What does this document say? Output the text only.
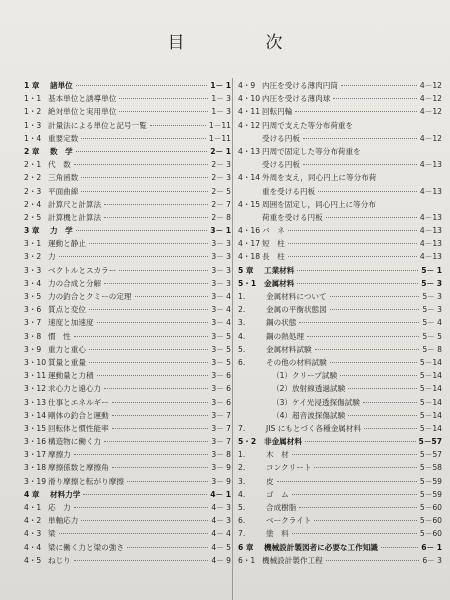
目　次
1 章	諸単位	1－ 1
1・1 基本単位と誘導単位	1－ 3
1・2 絶対単位と実用単位	1－ 3
1・3 計量法による単位と記号一覧	1－11
1・4 重要定数	1－11
2 章	数　学	2－ 1
2・1 代　数	2－ 3
2・2 三角函数	2－ 3
2・3 平面曲線	2－ 5
2・4 計算尺と計算法	2－ 7
2・5 計算機と計算法	2－ 8
3 章	力　学	3－ 1
3・1 運動と静止	3－ 3
3・2 力	3－ 3
3・3 ベクトルとスカラー	3－ 3
3・4 力の合成と分解	3－ 3
3・5 力の釣合とクミーの定理	3－ 4
3・6 質点と変位	3－ 4
3・7 速度と加速度	3－ 4
3・8 慣　性	3－ 5
3・9 重力と重心	3－ 5
3・10 質量と重量	3－ 5
3・11 運動量と力積	3－ 6
3・12 求心力と遠心力	3－ 6
3・13 仕事とエネルギー	3－ 6
3・14 剛体の釣合と運動	3－ 7
3・15 回転体と慣性能率	3－ 7
3・16 構造物に働く力	3－ 7
3・17 摩擦力	3－ 8
3・18 摩擦係数と摩擦角	3－ 9
3・19 滑り摩擦と転がり摩擦	3－ 9
4 章	材料力学	4－ 1
4・1 応　力	4－ 3
4・2 単軸応力	4－ 3
4・3 梁	4－ 4
4・4 梁に働く力と梁の強さ	4－ 5
4・5 ねじり	4－ 9
4・9 内圧を受ける薄肉円筒	4－12
4・10 内圧を受ける薄肉球	4－12
4・11 回転円輪	4－12
4・12 円周で支えた等分布荷重を
受ける円板	4－12
4・13 円周で固定した等分布荷重を
受ける円板	4－13
4・14 外周を支え，同心円上に等分布荷
重を受ける円板	4－13
4・15 周囲を固定し，同心円上に等分布
荷重を受ける円板	4－13
4・16 バ　ネ	4－13
4・17 短　柱	4－13
4・18 長　柱	4－13
5 章	工業材料	5－ 1
5・1	金属材料	5－ 3
1.	金属材料について	5－ 3
2.	金属の平衡状態図	5－ 3
3.	鋼の状態	5－ 4
4.	鋼の熱処理	5－ 5
5.	金属材料試験	5－ 8
6.	その他の材料試験	5－14
（1）クリープ試験	5－14
（2）放射線透過試験	5－14
（3）ケイ光浸透探傷試験	5－14
（4）超音波探傷試験	5－14
7.	JIS にもとづく各種金属材料	5－14
5・2	非金属材料	5－57
1.	木　材	5－57
2.	コンクリート	5－58
3.	皮	5－59
4.	ゴ　ム	5－59
5.	合成樹脂	5－60
6.	ベークライト	5－60
7.	塗　料	5－60
6 章	機械設計製図者に必要な工作知識	6－ 1
6・1 機械設計製作工程	6－ 3
